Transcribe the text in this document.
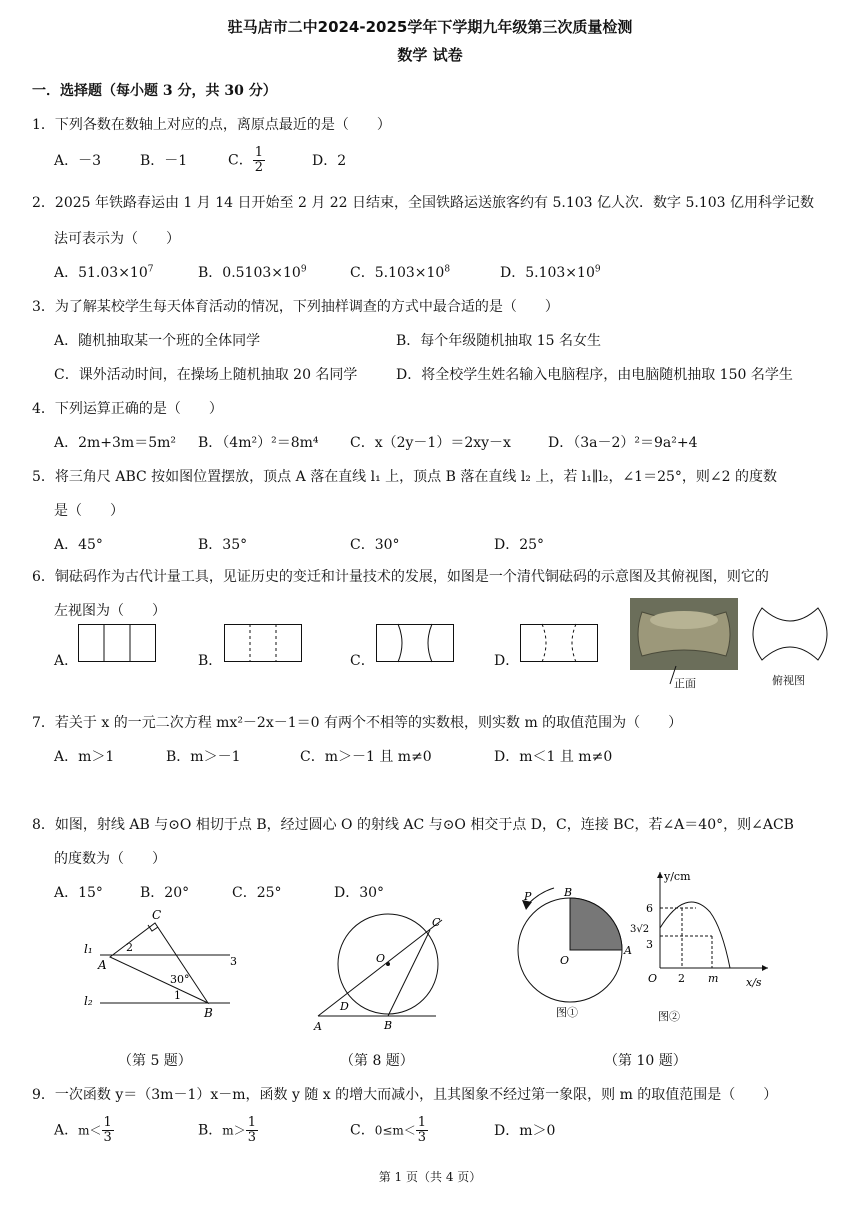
驻马店市二中2024-2025学年下学期九年级第三次质量检测
数学 试卷
一．选择题（每小题 3 分，共 30 分）
1．下列各数在数轴上对应的点，离原点最近的是（　　）
A．－3	B．－1	C． $\frac{1}{2}$	D．2
2．2025 年铁路春运由 1 月 14 日开始至 2 月 22 日结束，全国铁路运送旅客约有 5.103 亿人次．数字 5.103 亿用科学记数
法可表示为（　　）
A．$51.03\times 10^7$	B．$0.5103\times 10^9$	C．$5.103\times 10^8$	D．$5.103\times 10^9$
3．为了解某校学生每天体育活动的情况，下列抽样调查的方式中最合适的是（　　）
A．随机抽取某一个班的全体同学	B．每个年级随机抽取 15 名女生
C．课外活动时间，在操场上随机抽取 20 名同学	D．将全校学生姓名输入电脑程序，由电脑随机抽取 150 名学生
4．下列运算正确的是（　　）
A．2m+3m＝5m² B．（4m²）²＝8m⁴ C．x（2y－1）＝2xy－x	D．（3a－2）²＝9a²+4
5．将三角尺 ABC 按如图位置摆放，顶点 A 落在直线 l₁ 上，顶点 B 落在直线 l₂ 上，若 l₁∥l₂，∠1＝25°，则∠2 的度数
是（　　）
A．45°	B．35°	C．30°	D．25°
6．铜砝码作为古代计量工具，见证历史的变迁和计量技术的发展，如图是一个清代铜砝码的示意图及其俯视图，则它的
左视图为（　　）
A．	B．	C．	D．
正面	俯视图
7．若关于 x 的一元二次方程 mx²－2x－1＝0 有两个不相等的实数根，则实数 m 的取值范围为（　　）
A．m＞1	B．m＞－1	C．m＞－1 且 m≠0	D．m＜1 且 m≠0
8．如图，射线 AB 与⊙O 相切于点 B，经过圆心 O 的射线 AC 与⊙O 相交于点 D，C，连接 BC，若∠A＝40°，则∠ACB
的度数为（　　）
A．15°	B．20°	C．25°	D．30°
l₁
l₂
A
B
C
1
2
3
30°
（第 5 题）
A	B
C
D
O
（第 8 题）
P	B
O
A
图①
y/cm
x/s
6
3√2
3
O 2 m
图②
（第 10 题）
9．一次函数 y＝（3m－1）x－m，函数 y 随 x 的增大而减小，且其图象不经过第一象限，则 m 的取值范围是（　　）
A．$m< \frac{1}{3}$	B．$m> \frac{1}{3}$	C．$0\le m< \frac{1}{3}$	D．m＞0
第 1 页（共 4 页）
